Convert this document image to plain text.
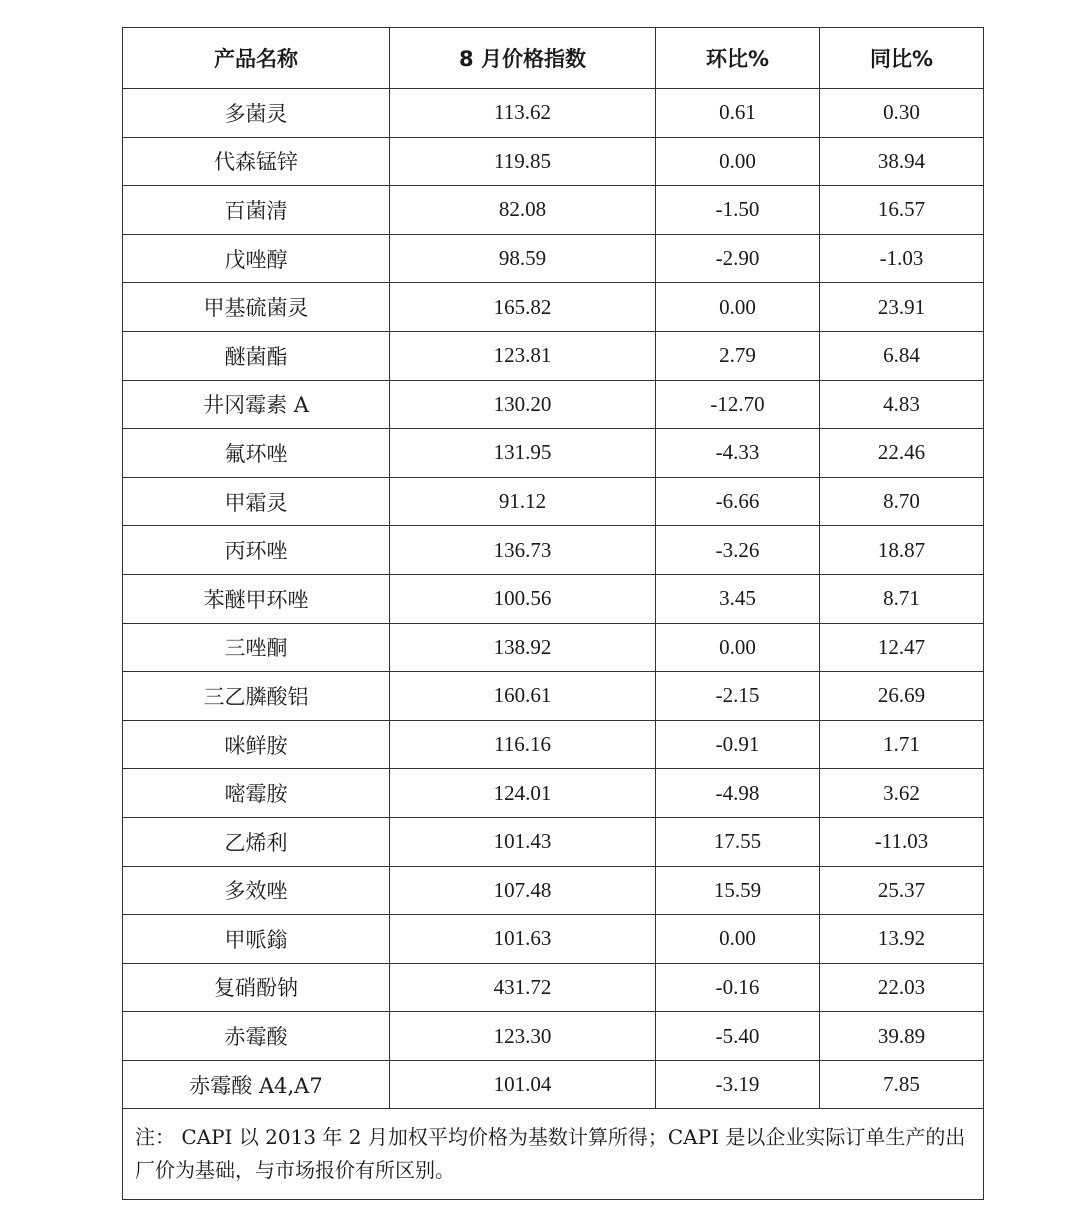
产品名称	8 月价格指数	环比%	同比%
多菌灵	113.62	0.61	0.30
代森锰锌	119.85	0.00	38.94
百菌清	82.08	-1.50	16.57
戊唑醇	98.59	-2.90	-1.03
甲基硫菌灵	165.82	0.00	23.91
醚菌酯	123.81	2.79	6.84
井冈霉素 A	130.20	-12.70	4.83
氟环唑	131.95	-4.33	22.46
甲霜灵	91.12	-6.66	8.70
丙环唑	136.73	-3.26	18.87
苯醚甲环唑	100.56	3.45	8.71
三唑酮	138.92	0.00	12.47
三乙膦酸铝	160.61	-2.15	26.69
咪鲜胺	116.16	-0.91	1.71
嘧霉胺	124.01	-4.98	3.62
乙烯利	101.43	17.55	-11.03
多效唑	107.48	15.59	25.37
甲哌鎓	101.63	0.00	13.92
复硝酚钠	431.72	-0.16	22.03
赤霉酸	123.30	-5.40	39.89
赤霉酸 A4,A7	101.04	-3.19	7.85
注： CAPI 以 2013 年 2 月加权平均价格为基数计算所得；CAPI 是以企业实际订单生产的出厂价为基础，与市场报价有所区别。			
